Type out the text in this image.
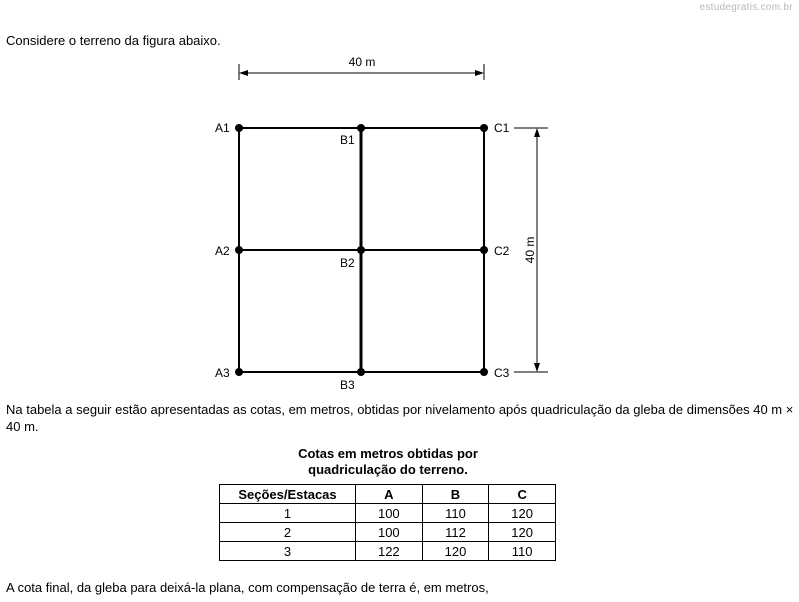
estudegratis.com.br
Considere o terreno da figura abaixo.
40 m
40 m
A1
B1
C1
A2
B2
C2
A3
B3
C3
Na tabela a seguir estão apresentadas as cotas, em metros, obtidas por nivelamento após quadriculação da gleba de dimensões 40 m × 40 m.
Cotas em metros obtidas por
quadriculação do terreno.
Seções/Estacas	A	B	C
1	100	110	120
2	100	112	120
3	122	120	110
A cota final, da gleba para deixá-la plana, com compensação de terra é, em metros,
